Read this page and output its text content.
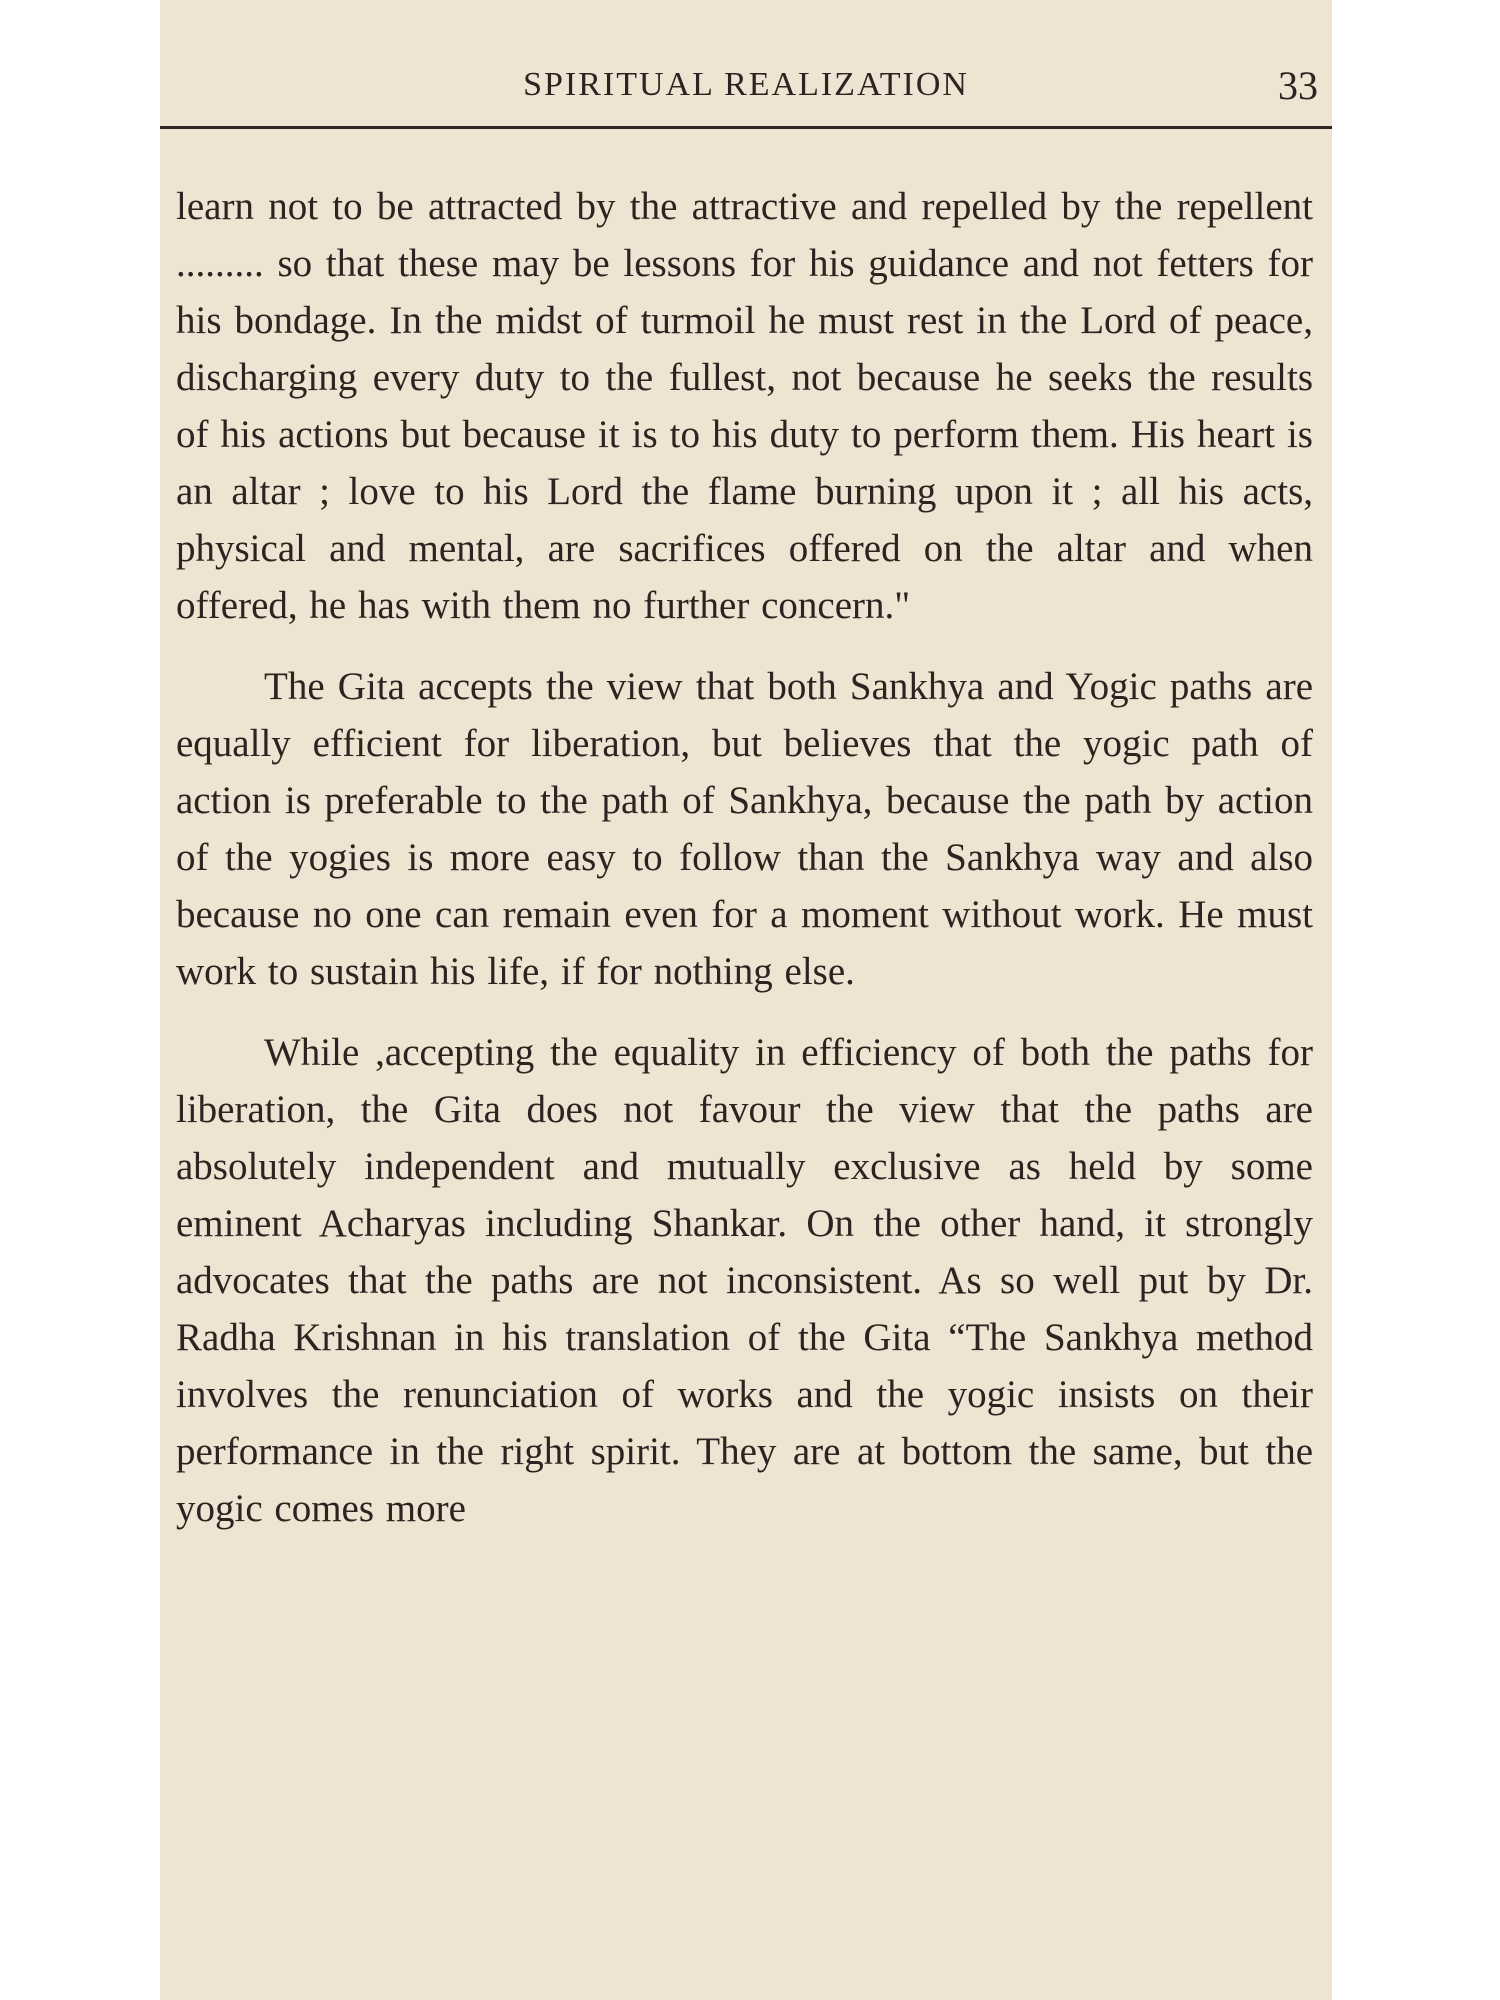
SPIRITUAL REALIZATION	33

learn not to be attracted by the attractive and repelled by the repellent ......... so that these may be lessons for his guidance and not fetters for his bondage. In the midst of turmoil he must rest in the Lord of peace, discharging every duty to the fullest, not because he seeks the results of his actions but because it is to his duty to perform them. His heart is an altar ; love to his Lord the flame burning upon it ; all his acts, physical and mental, are sacrifices offered on the altar and when offered, he has with them no further concern."

The Gita accepts the view that both Sankhya and Yogic paths are equally efficient for liberation, but believes that the yogic path of action is preferable to the path of Sankhya, because the path by action of the yogies is more easy to follow than the Sankhya way and also because no one can remain even for a moment without work. He must work to sustain his life, if for nothing else.

While ,accepting the equality in efficiency of both the paths for liberation, the Gita does not favour the view that the paths are absolutely independent and mutually exclusive as held by some eminent Acharyas including Shankar. On the other hand, it strongly advocates that the paths are not inconsistent. As so well put by Dr. Radha Krishnan in his translation of the Gita “The Sankhya method involves the renunciation of works and the yogic insists on their performance in the right spirit. They are at bottom the same, but the yogic comes more
